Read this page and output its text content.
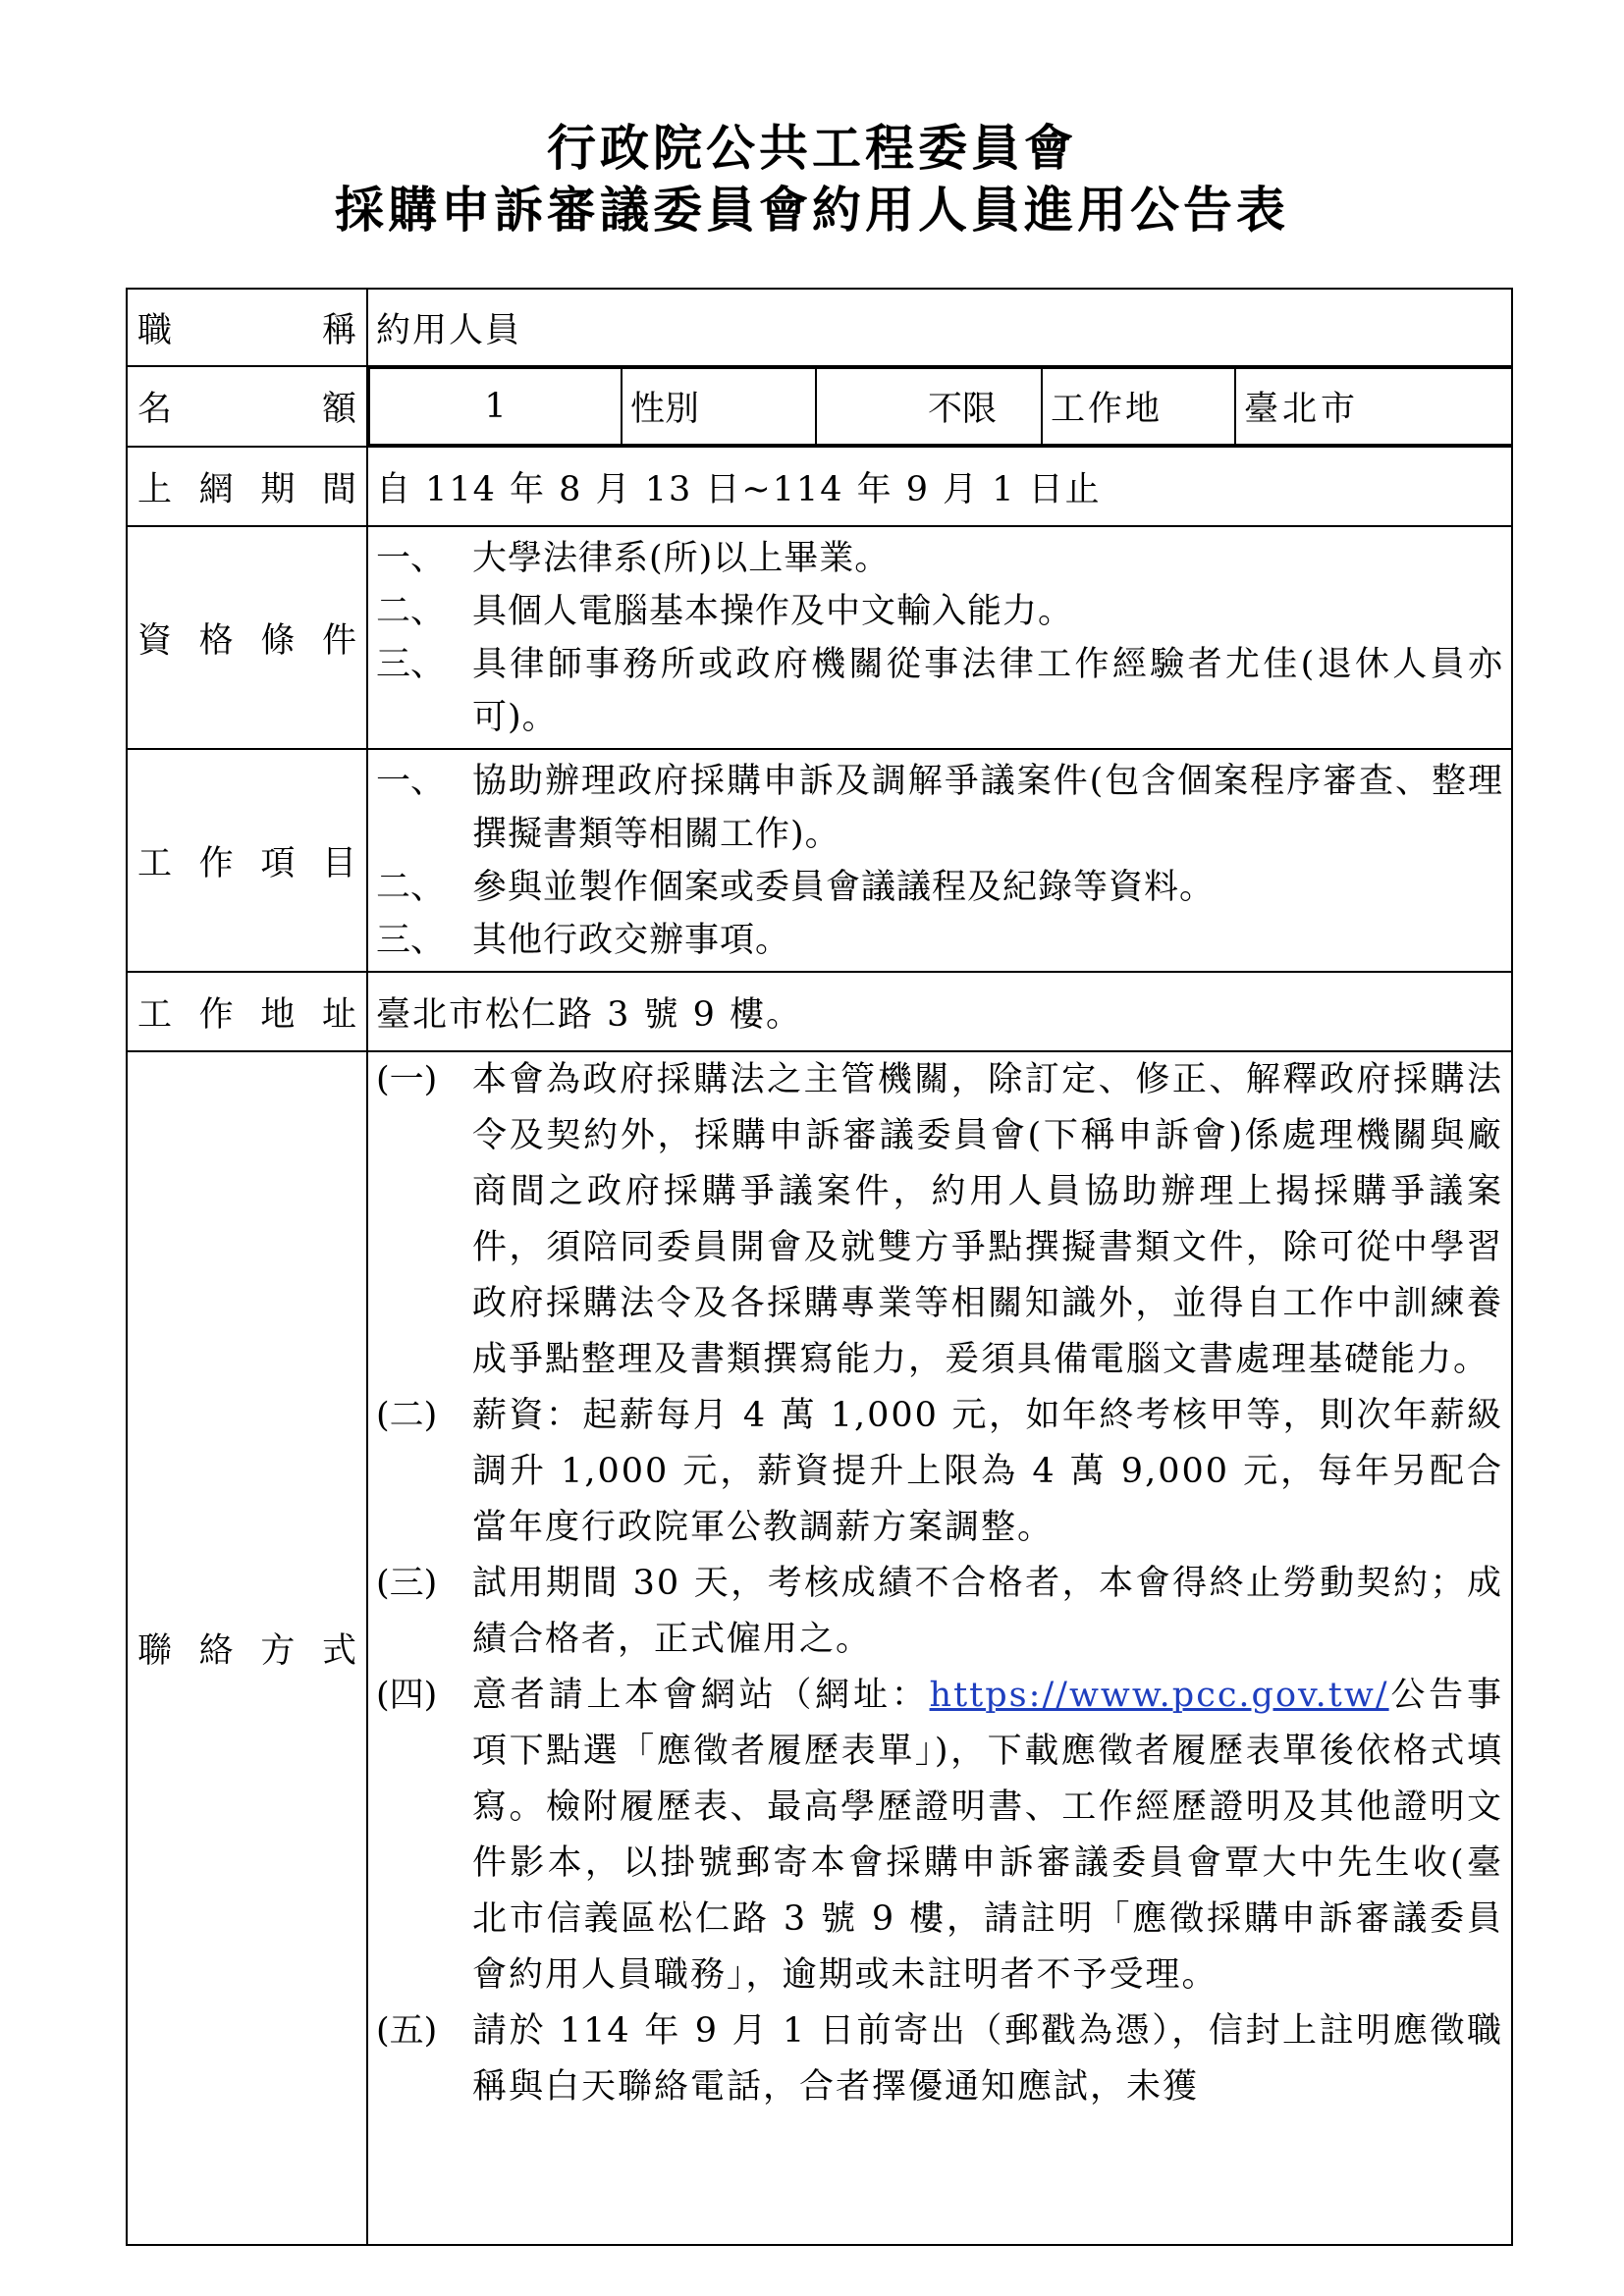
行政院公共工程委員會
採購申訴審議委員會約用人員進用公告表
職稱	約用人員
名額		1	性別	不限	工作地	臺北市

上網期間	自 114 年 8 月 13 日~114 年 9 月 1 日止
資格條件	
一、 大學法律系(所)以上畢業。
二、 具個人電腦基本操作及中文輸入能力。
三、 具律師事務所或政府機關從事法律工作經驗者尤佳(退休人員亦可)。

工作項目	
一、 協助辦理政府採購申訴及調解爭議案件(包含個案程序審查、整理撰擬書類等相關工作)。
二、 參與並製作個案或委員會議議程及紀錄等資料。
三、 其他行政交辦事項。

工作地址	臺北市松仁路 3 號 9 樓。
聯絡方式	
(一)	本會為政府採購法之主管機關，除訂定、修正、解釋政府採購法令及契約外，採購申訴審議委員會(下稱申訴會)係處理機關與廠商間之政府採購爭議案件，約用人員協助辦理上揭採購爭議案件，須陪同委員開會及就雙方爭點撰擬書類文件，除可從中學習政府採購法令及各採購專業等相關知識外，並得自工作中訓練養成爭點整理及書類撰寫能力，爰須具備電腦文書處理基礎能力。
(二)	薪資：起薪每月 4 萬 1,000 元，如年終考核甲等，則次年薪級調升 1,000 元，薪資提升上限為 4 萬 9,000 元，每年另配合當年度行政院軍公教調薪方案調整。
(三)	試用期間 30 天，考核成績不合格者，本會得終止勞動契約；成績合格者，正式僱用之。
(四)	意者請上本會網站（網址：https://www.pcc.gov.tw/公告事項下點選「應徵者履歷表單」)，下載應徵者履歷表單後依格式填寫。檢附履歷表、最高學歷證明書、工作經歷證明及其他證明文件影本，以掛號郵寄本會採購申訴審議委員會覃大中先生收(臺北市信義區松仁路 3 號 9 樓，請註明「應徵採購申訴審議委員會約用人員職務」，逾期或未註明者不予受理。
(五)	請於 114 年 9 月 1 日前寄出（郵戳為憑），信封上註明應徵職稱與白天聯絡電話，合者擇優通知應試，未獲
